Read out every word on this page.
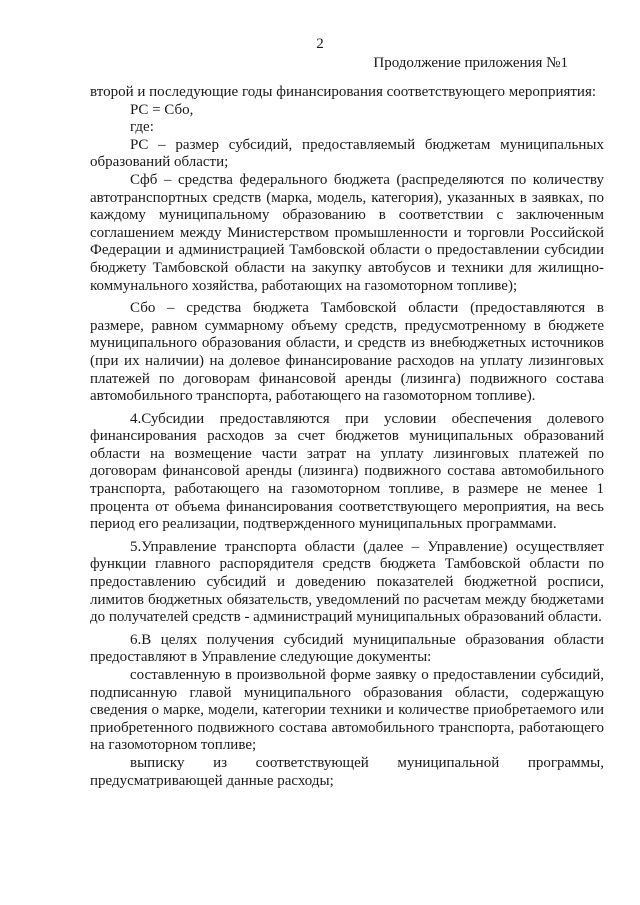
2
Продолжение приложения №1

второй и последующие годы финансирования соответствующего мероприятия:

PC = Сбо,

где:

PC – размер субсидий, предоставляемый бюджетам муниципальных образований области;

Сфб – средства федерального бюджета (распределяются по количеству автотранспортных средств (марка, модель, категория), указанных в заявках, по каждому муниципальному образованию в соответствии с заключенным соглашением между Министерством промышленности и торговли Российской Федерации и администрацией Тамбовской области о предоставлении субсидии бюджету Тамбовской области на закупку автобусов и техники для жилищно-коммунального хозяйства, работающих на газомоторном топливе);

Сбо – средства бюджета Тамбовской области (предоставляются в размере, равном суммарному объему средств, предусмотренному в бюджете муниципального образования области, и средств из внебюджетных источников (при их наличии) на долевое финансирование расходов на уплату лизинговых платежей по договорам финансовой аренды (лизинга) подвижного состава автомобильного транспорта, работающего на газомоторном топливе).

4.Субсидии предоставляются при условии обеспечения долевого финансирования расходов за счет бюджетов муниципальных образований области на возмещение части затрат на уплату лизинговых платежей по договорам финансовой аренды (лизинга) подвижного состава автомобильного транспорта, работающего на газомоторном топливе, в размере не менее 1 процента от объема финансирования соответствующего мероприятия, на весь период его реализации, подтвержденного муниципальных программами.

5.Управление транспорта области (далее – Управление) осуществляет функции главного распорядителя средств бюджета Тамбовской области по предоставлению субсидий и доведению показателей бюджетной росписи, лимитов бюджетных обязательств, уведомлений по расчетам между бюджетами до получателей средств - администраций муниципальных образований области.

6.В целях получения субсидий муниципальные образования области предоставляют в Управление следующие документы:

составленную в произвольной форме заявку о предоставлении субсидий, подписанную главой муниципального образования области, содержащую сведения о марке, модели, категории техники и количестве приобретаемого или приобретенного подвижного состава автомобильного транспорта, работающего на газомоторном топливе;

выписку из соответствующей муниципальной программы, предусматривающей данные расходы;
